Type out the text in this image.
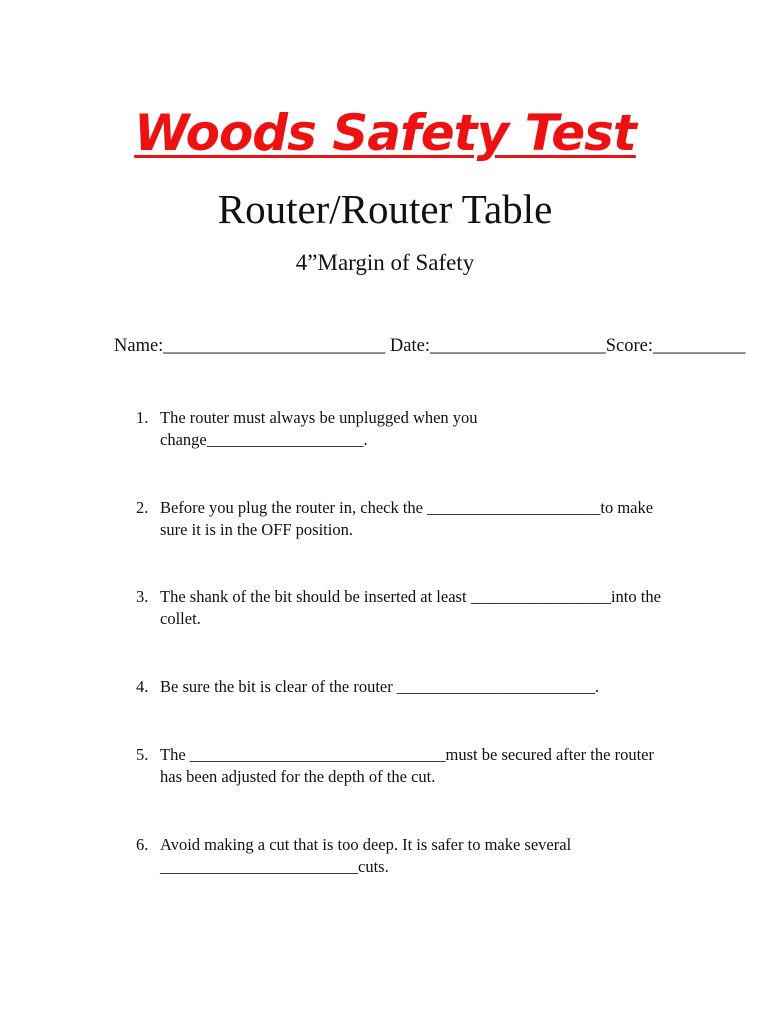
Woods Safety Test
Router/Router Table
4”Margin of Safety
Name:________________________ Date:___________________Score:__________
1. The router must always be unplugged when you change___________________.
2. Before you plug the router in, check the _____________________to make sure it is in the OFF position.
3. The shank of the bit should be inserted at least _________________into the collet.
4. Be sure the bit is clear of the router ________________________.
5. The _______________________________must be secured after the router has been adjusted for the depth of the cut.
6. Avoid making a cut that is too deep. It is safer to make several ________________________cuts.
